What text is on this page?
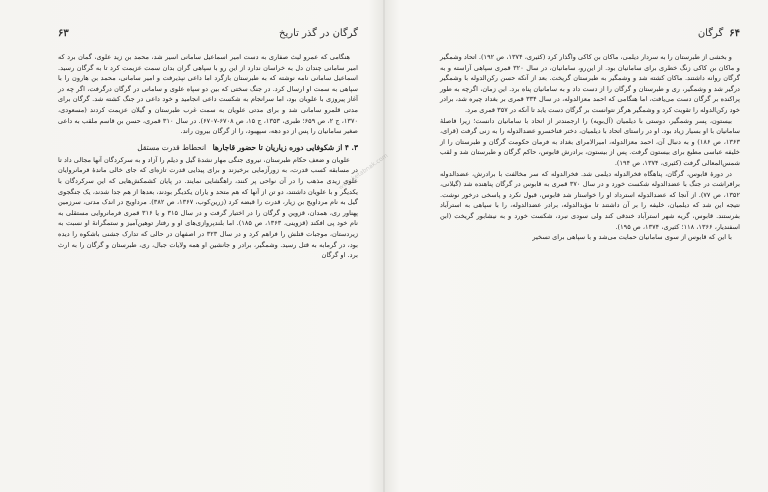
گرگان در گذر تاریخ
۶۳

هنگامی که عمرو لیث صفاری به دست امیر اسماعیل سامانی اسیر شد، محمد بن زید علوی، گمان برد که امیر سامانی چندان دل به خراسان ندارد از این رو با سپاهی گران بدان سمت عزیمت کرد تا به گرگان رسید. اسماعیل سامانی نامه نوشته که به طبرستان بازگرد اما داعی نپذیرفت و امیر سامانی، محمد بن هارون را با سپاهی به سمت او ارسال کرد. در جنگ سختی که بین دو سپاه علوی و سامانی در گرگان درگرفت، اگر چه در آغاز پیروزی با علویان بود، اما سرانجام به شکست داعی انجامید و خود داعی در جنگ کشته شد. گرگان برای مدتی قلمرو سامانی شد و برای مدتی علویان به سمت غرب طبرستان و گیلان عزیمت کردند (مسعودی، ۱۳۷۰، ج ۲، ص ۶۵۹؛ طبری، ۱۳۵۳، ج ۱۵، ص ۶۷۰۸-۶۷۰۷). در سال ۳۱۰ قمری، حسن بن قاسم ملقب به داعی صغیر سامانیان را پس از دو دهه، سپهبود، را از گرگان بیرون راند.

۳. ۴ از شکوفایی دوره زیاریان تا حضور قاجارها انحطاط قدرت مستقل

علویان و ضعف حکام طبرستان، نیروی جنگی مهار نشدۀ گیل و دیلم را آزاد و به سرکردگان آنها مجالی داد تا در مسابقه کسب قدرت، به زورآزمایی برخیزند و برای پیدایی قدرت تازه‌ای که جای خالی ماندۀ فرمانروایان علوی زیدی مذهب را در آن نواحی پر کنند، راهگشایی نمایند. در پایان کشمکش‌هایی که این سرکردگان با یکدیگر و با علویان داشتند، دو تن از آنها که هم متحد و یاران یکدیگر بودند، بعدها از هم جدا شدند، یک جنگجوی گیل به نام مرداویج بن زیار، قدرت را قبضه کرد (زرین‌کوب، ۱۳۶۷، ص ۳۸۲). مرداویج در اندک مدتی، سرزمین پهناور ری، همدان، قزوین و گرگان را در اختیار گرفت و در سال ۳۱۵ و یا ۳۱۶ قمری فرمانروایی مستقلی به نام خود پی افکند (قزوینی، ۱۳۶۳، ص ۱۸۵). اما بلندپروازی‌های او و رفتار توهین‌آمیز و ستمگرانۀ او نسبت به زیردستان، موجبات قتلش را فراهم کرد و در سال ۳۲۳ در اصفهان در حالی که تدارک جشنی باشکوه را دیده بود، در گرمابه به قتل رسید. وشمگیر، برادر و جانشین او همه ولایات جبال، ری، طبرستان و گرگان را به ارث برد. او گرگان

۶۴
گرگان

و بخشی از طبرستان را به سردار دیلمی، ماکان بن کاکی واگذار کرد (کثیری، ۱۳۷۴، ص ۱۹۲). اتحاد وشمگیر و ماکان بن کاکی زنگ خطری برای سامانیان بود. از این‌رو، سامانیان، در سال ۳۲۰ قمری سپاهی آراسته و به گرگان روانه داشتند. ماکان کشته شد و وشمگیر به طبرستان گریخت. بعد از آنکه حسن رکن‌الدوله با وشمگیر درگیر شد و وشمگیر، ری و طبرستان و گرگان را از دست داد و به سامانیان پناه برد. این زمان، اگرچه به طور پراکنده بر گرگان دست می‌یافت، اما هنگامی که احمد معزالدوله، در سال ۳۳۴ قمری بر بغداد چیره شد، برادر خود رکن‌الدوله را تقویت کرد و وشمگیر هرگز نتوانست بر گرگان دست یابد تا آنکه در ۳۵۷ قمری مرد.

بیستون، پسر وشمگیر، دوستی با دیلمیان (آل‌بویه) را ارجمندتر از اتحاد با سامانیان دانست؛ زیرا فاصلۀ سامانیان با او بسیار زیاد بود. او در راستای اتحاد با دیلمیان، دختر فناخسرو عضدالدوله را به زنی گرفت (قرای، ۱۳۶۳، ص ۱۸۶) و به دنبال آن، احمد معزالدوله، امیرالامرای بغداد به فرمان حکومت گرگان و طبرستان را از خلیفه عباسی مطیع برای بیستون گرفت. پس از بیستون، برادرش قابوس، حاکم گرگان و طبرستان شد و لقب شمس‌المعالی گرفت (کثیری، ۱۳۷۴، ص ۱۹۴).

در دورۀ قابوس، گرگان، پناهگاه فخرالدوله دیلمی شد. فخرالدوله که سر مخالفت با برادرش، عضدالدوله برافراشت در جنگ با عضدالدوله شکست خورد و در سال ۳۷۰ قمری به قابوس در گرگان پناهنده شد (گیلانی، ۱۳۵۲، ص ۷۷). از آنجا که عضدالدوله استرداد او را خواستار شد قابوس، قبول نکرد و پاسخی درخور نوشت. نتیجه این شد که دیلمیان، خلیفه را بر آن داشتند تا مؤیدالدوله، برادر عضدالدوله، را با سپاهی به استرآباد بفرستند. قابوس، گریه شهر استرآباد خندقی کند ولی سودی نبرد، شکست خورد و به نیشابور گریخت (ابن اسفندیار، ۱۳۶۶، ۱۱۸؛ کثیری، ۱۳۷۴، ص ۱۹۵).

با این که قابوس از سوی سامانیان حمایت می‌شد و با سپاهی برای تسخیر

www.ketabnak.com
